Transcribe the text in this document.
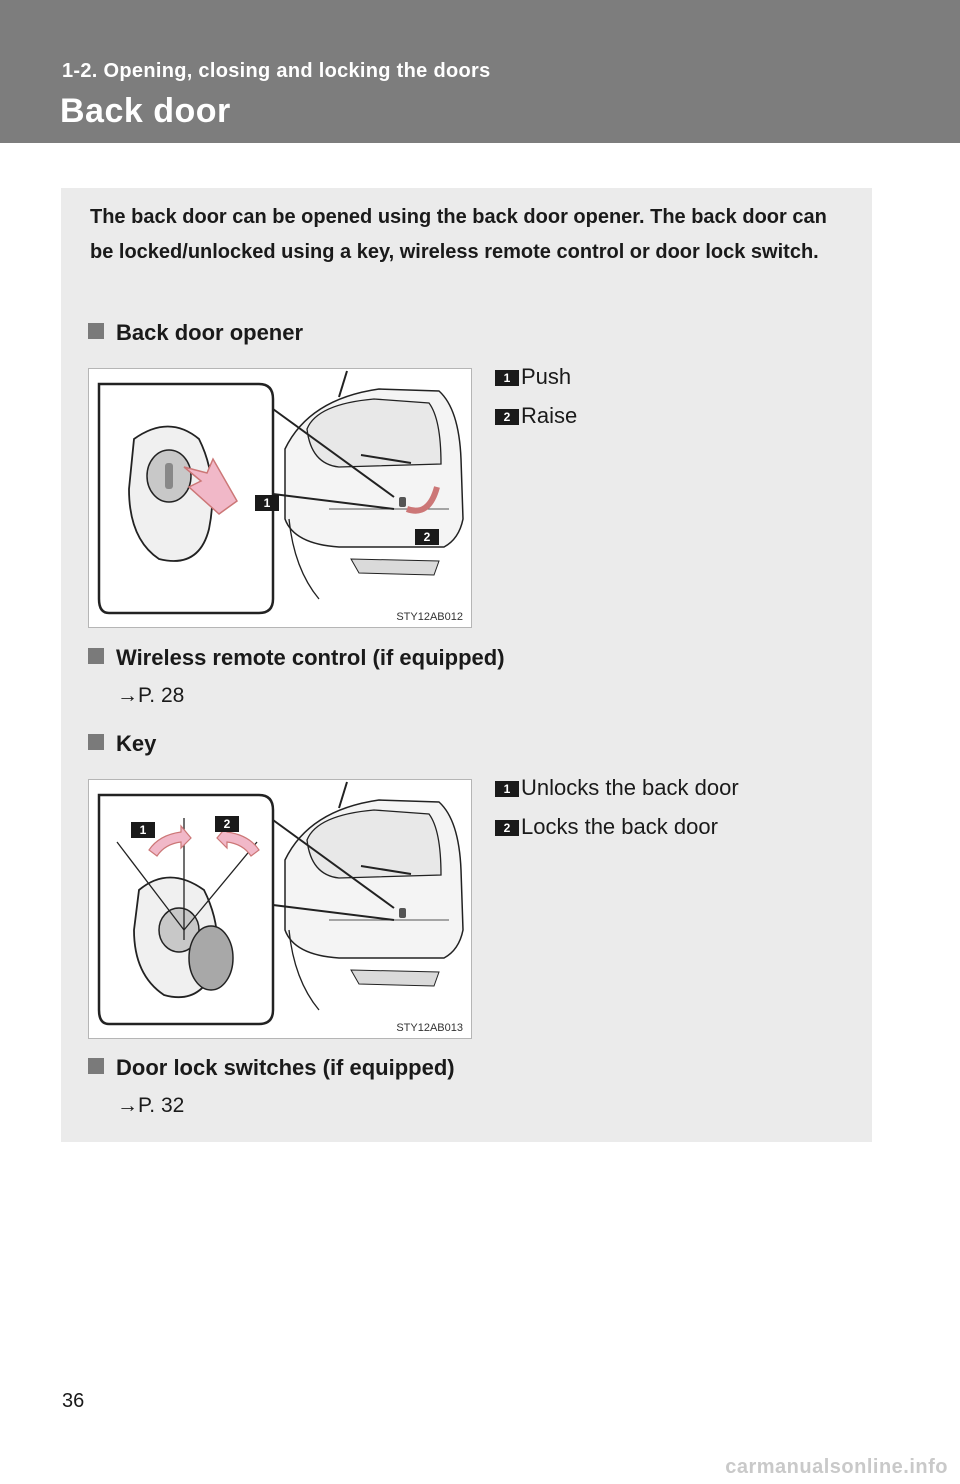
1-2. Opening, closing and locking the doors
Back door
The back door can be opened using the back door opener. The back door can be locked/unlocked using a key, wireless remote control or door lock switch.
Back door opener
1
2
STY12AB012
1 Push
2 Raise
Wireless remote control (if equipped)
→P. 28
Key
1	2
STY12AB013
1 Unlocks the back door
2 Locks the back door
Door lock switches (if equipped)
→P. 32
36
carmanualsonline.info
